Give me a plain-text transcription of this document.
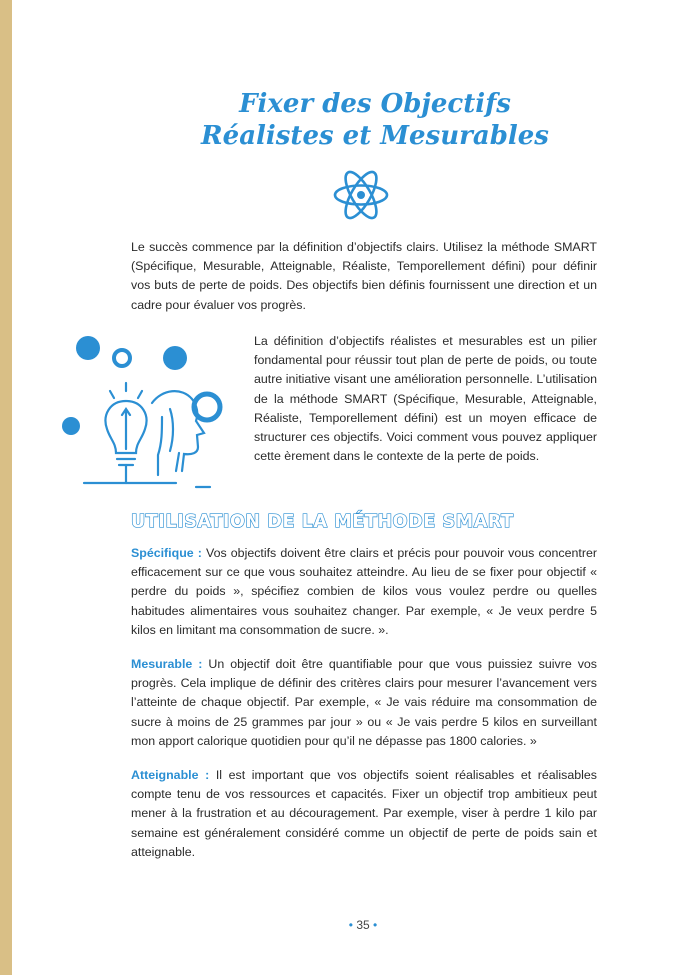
Fixer des Objectifs
Réalistes et Mesurables
Le succès commence par la définition d’objectifs clairs. Utilisez la méthode SMART (Spécifique, Mesurable, Atteignable, Réaliste, Temporellement défini) pour définir vos buts de perte de poids. Des objectifs bien définis fournissent une direction et un cadre pour évaluer vos progrès.
La définition d’objectifs réalistes et mesurables est un pilier fondamental pour réussir tout plan de perte de poids, ou toute autre initiative visant une amélioration personnelle. L’utilisation de la méthode SMART (Spécifique, Mesurable, Atteignable, Réaliste, Temporellement défini) est un moyen efficace de structurer ces objectifs. Voici comment vous pouvez appliquer cette èrement dans le contexte de la perte de poids.
UTILISATION DE LA MÉTHODE SMART
Spécifique : Vos objectifs doivent être clairs et précis pour pouvoir vous concentrer efficacement sur ce que vous souhaitez atteindre. Au lieu de se fixer pour objectif « perdre du poids », spécifiez combien de kilos vous voulez perdre ou quelles habitudes alimentaires vous souhaitez changer. Par exemple, « Je veux perdre 5 kilos en limitant ma consommation de sucre. ».
Mesurable : Un objectif doit être quantifiable pour que vous puissiez suivre vos progrès. Cela implique de définir des critères clairs pour mesurer l’avancement vers l’atteinte de chaque objectif. Par exemple, « Je vais réduire ma consommation de sucre à moins de 25 grammes par jour » ou « Je vais perdre 5 kilos en surveillant mon apport calorique quotidien pour qu’il ne dépasse pas 1800 calories. »
Atteignable : Il est important que vos objectifs soient réalisables et réalisables compte tenu de vos ressources et capacités. Fixer un objectif trop ambitieux peut mener à la frustration et au découragement. Par exemple, viser à perdre 1 kilo par semaine est généralement considéré comme un objectif de perte de poids sain et atteignable.
• 35 •
